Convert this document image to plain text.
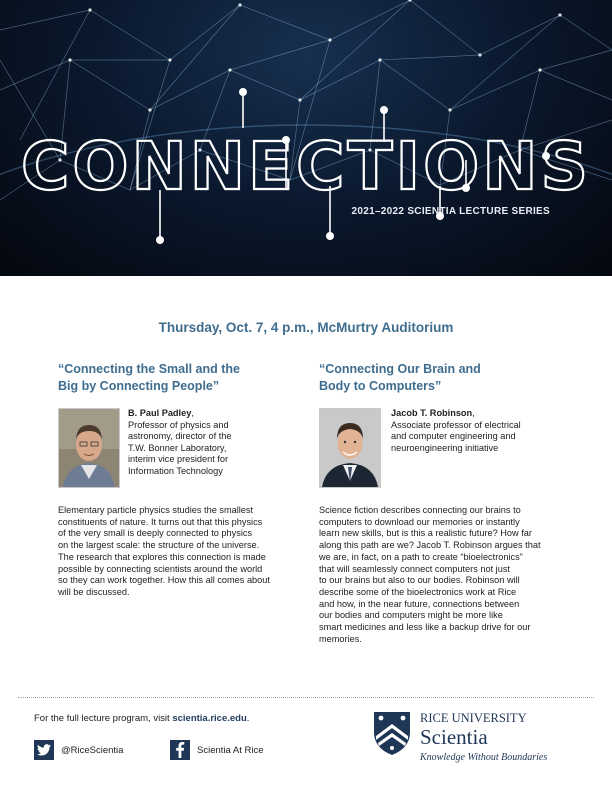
CONNECTIONS
2021–2022 SCIENTIA LECTURE SERIES
Thursday, Oct. 7, 4 p.m., McMurtry Auditorium
“Connecting the Small and the
Big by Connecting People”
B. Paul Padley,
Professor of physics and
astronomy, director of the
T.W. Bonner Laboratory,
interim vice president for
Information Technology
Elementary particle physics studies the smallest
constituents of nature. It turns out that this physics
of the very small is deeply connected to physics
on the largest scale: the structure of the universe.
The research that explores this connection is made
possible by connecting scientists around the world
so they can work together. How this all comes about
will be discussed.
“Connecting Our Brain and
Body to Computers”
Jacob T. Robinson,
Associate professor of electrical
and computer engineering and
neuroengineering initiative
Science fiction describes connecting our brains to
computers to download our memories or instantly
learn new skills, but is this a realistic future? How far
along this path are we? Jacob T. Robinson argues that
we are, in fact, on a path to create “bioelectronics”
that will seamlessly connect computers not just
to our brains but also to our bodies. Robinson will
describe some of the bioelectronics work at Rice
and how, in the near future, connections between
our bodies and computers might be more like
smart medicines and less like a backup drive for our
memories.
For the full lecture program, visit scientia.rice.edu.
@RiceScientia	Scientia At Rice
RICE UNIVERSITY
Scientia
Knowledge Without Boundaries
